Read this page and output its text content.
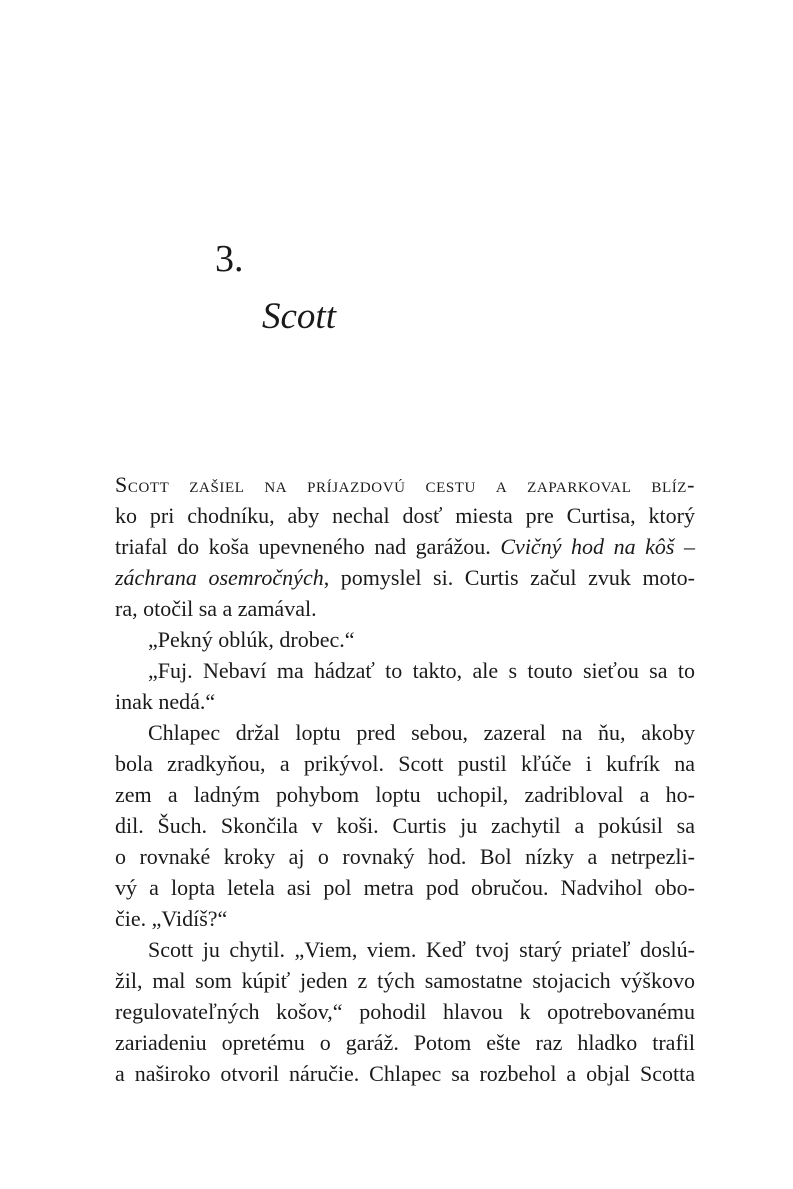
3.
Scott
Scott zašiel na príjazdovú cestu a zaparkoval blíz-
ko pri chodníku, aby nechal dosť miesta pre Curtisa, ktorý
triafal do koša upevneného nad garážou. Cvičný hod na kôš –
záchrana osemročných, pomyslel si. Curtis začul zvuk moto-
ra, otočil sa a zamával.
„Pekný oblúk, drobec.“
„Fuj. Nebaví ma hádzať to takto, ale s touto sieťou sa to
inak nedá.“
Chlapec držal loptu pred sebou, zazeral na ňu, akoby
bola zradkyňou, a prikývol. Scott pustil kľúče i kufrík na
zem a ladným pohybom loptu uchopil, zadribloval a ho-
dil. Šuch. Skončila v koši. Curtis ju zachytil a pokúsil sa
o rovnaké kroky aj o rovnaký hod. Bol nízky a netrpezli-
vý a lopta letela asi pol metra pod obručou. Nadvihol obo-
čie. „Vidíš?“
Scott ju chytil. „Viem, viem. Keď tvoj starý priateľ doslú-
žil, mal som kúpiť jeden z tých samostatne stojacich výškovo
regulovateľných košov,“ pohodil hlavou k opotrebovanému
zariadeniu opretému o garáž. Potom ešte raz hladko trafil
a naširoko otvoril náručie. Chlapec sa rozbehol a objal Scotta
